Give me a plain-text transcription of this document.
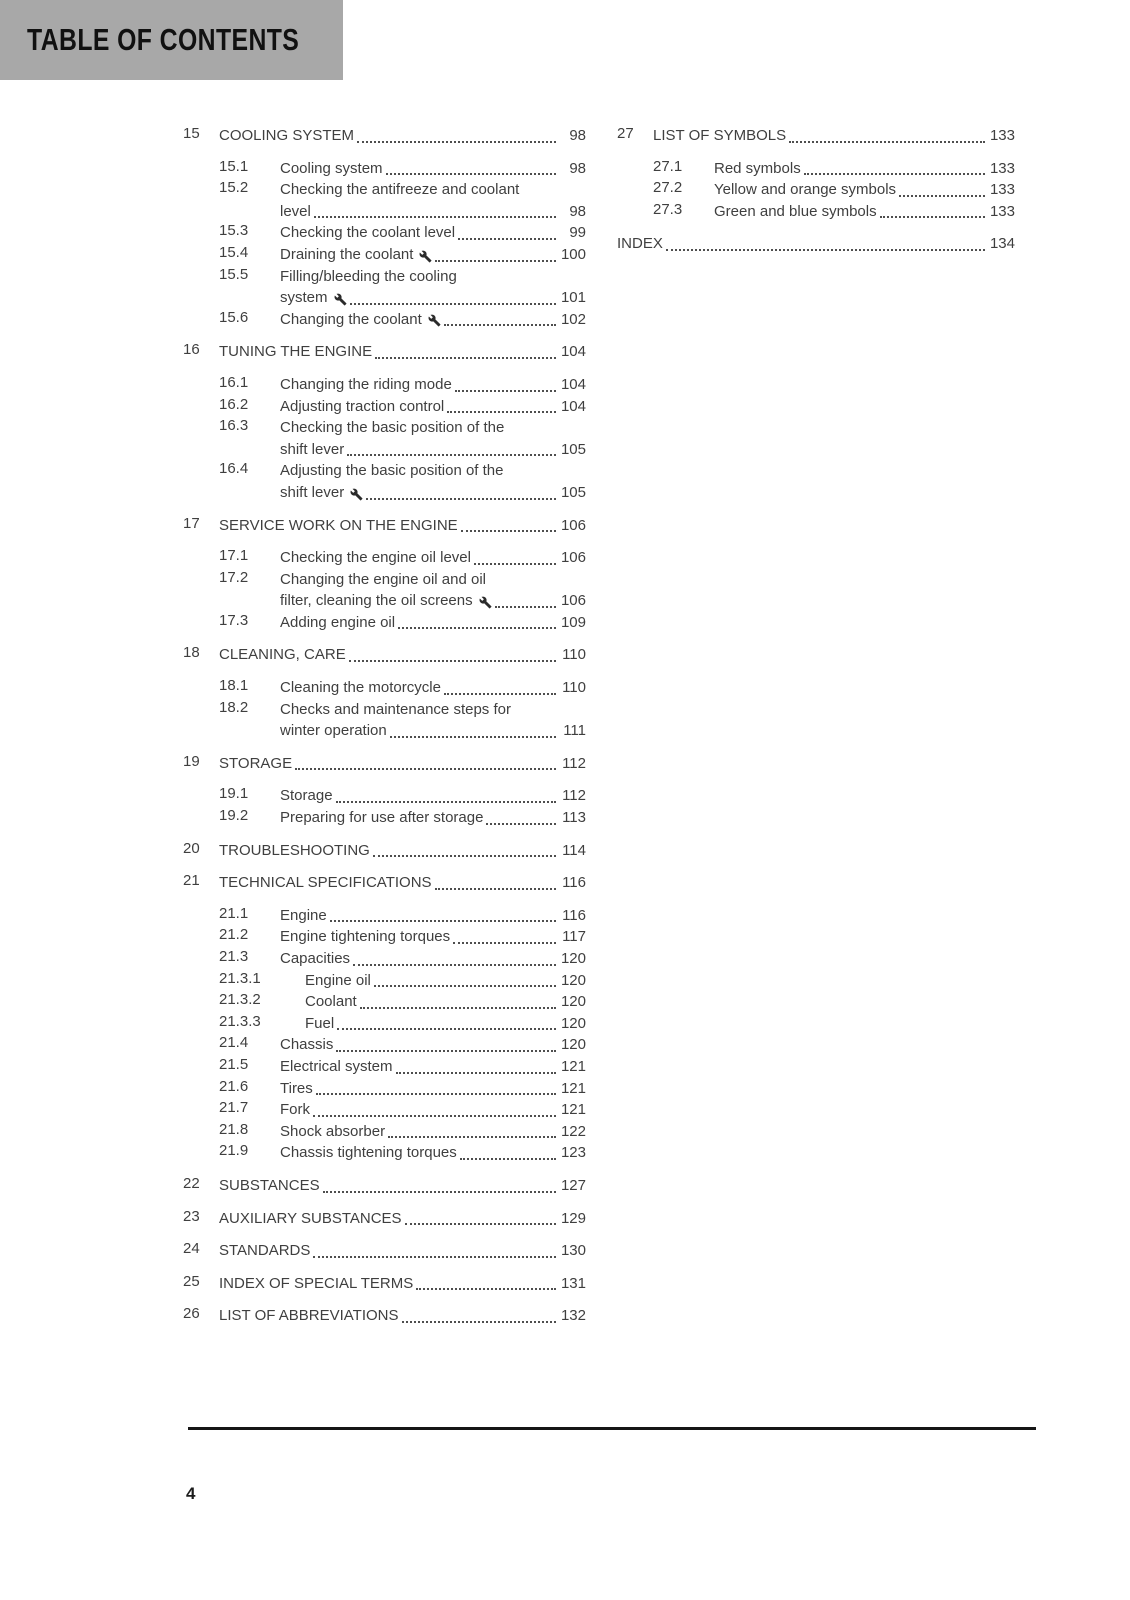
TABLE OF CONTENTS
15	COOLING SYSTEM	98
15.1	Cooling system	98
15.2	Checking the antifreeze and coolant
level	98
15.3	Checking the coolant level	99
15.4	Draining the coolant	100
15.5	Filling/bleeding the cooling
system	101
15.6	Changing the coolant	102
16	TUNING THE ENGINE	104
16.1	Changing the riding mode	104
16.2	Adjusting traction control	104
16.3	Checking the basic position of the
shift lever	105
16.4	Adjusting the basic position of the
shift lever	105
17	SERVICE WORK ON THE ENGINE	106
17.1	Checking the engine oil level	106
17.2	Changing the engine oil and oil
filter, cleaning the oil screens	106
17.3	Adding engine oil	109
18	CLEANING, CARE	110
18.1	Cleaning the motorcycle	110
18.2	Checks and maintenance steps for
winter operation	111
19	STORAGE	112
19.1	Storage	112
19.2	Preparing for use after storage	113
20	TROUBLESHOOTING	114
21	TECHNICAL SPECIFICATIONS	116
21.1	Engine	116
21.2	Engine tightening torques	117
21.3	Capacities	120
21.3.1	Engine oil	120
21.3.2	Coolant	120
21.3.3	Fuel	120
21.4	Chassis	120
21.5	Electrical system	121
21.6	Tires	121
21.7	Fork	121
21.8	Shock absorber	122
21.9	Chassis tightening torques	123
22	SUBSTANCES	127
23	AUXILIARY SUBSTANCES	129
24	STANDARDS	130
25	INDEX OF SPECIAL TERMS	131
26	LIST OF ABBREVIATIONS	132
27	LIST OF SYMBOLS	133
27.1	Red symbols	133
27.2	Yellow and orange symbols	133
27.3	Green and blue symbols	133
INDEX	134
4
